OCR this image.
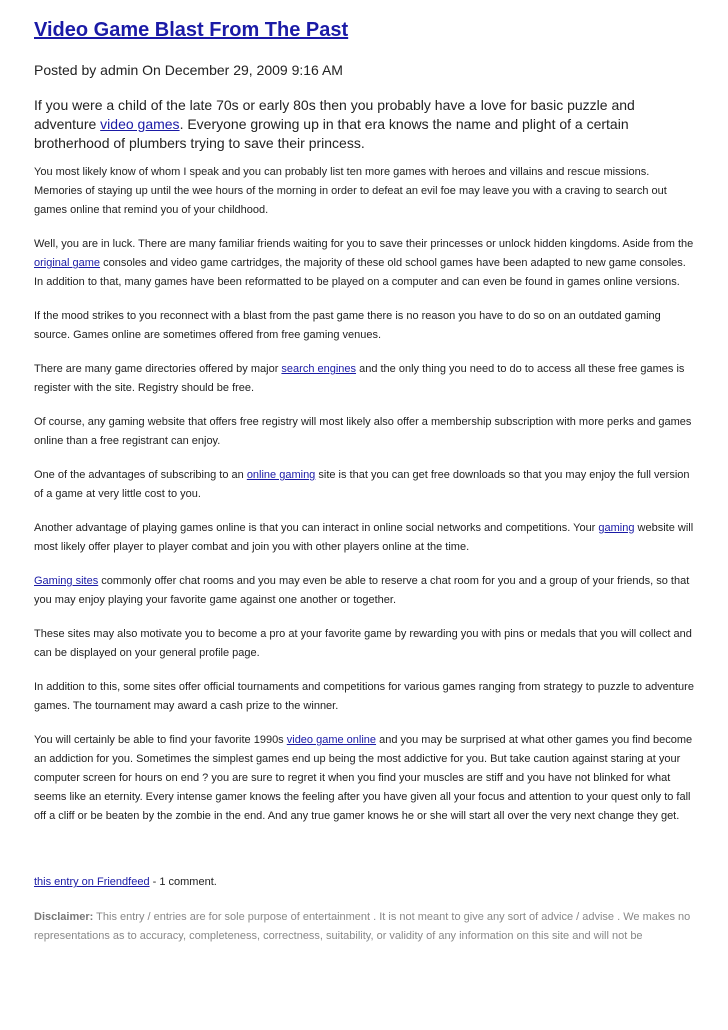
Video Game Blast From The Past
Posted by admin On December 29, 2009 9:16 AM

If you were a child of the late 70s or early 80s then you probably have a love for basic puzzle and adventure video games. Everyone growing up in that era knows the name and plight of a certain brotherhood of plumbers trying to save their princess.

You most likely know of whom I speak and you can probably list ten more games with heroes and villains and rescue missions. Memories of staying up until the wee hours of the morning in order to defeat an evil foe may leave you with a craving to search out games online that remind you of your childhood.

Well, you are in luck. There are many familiar friends waiting for you to save their princesses or unlock hidden kingdoms. Aside from the original game consoles and video game cartridges, the majority of these old school games have been adapted to new game consoles. In addition to that, many games have been reformatted to be played on a computer and can even be found in games online versions.

If the mood strikes to you reconnect with a blast from the past game there is no reason you have to do so on an outdated gaming source. Games online are sometimes offered from free gaming venues.

There are many game directories offered by major search engines and the only thing you need to do to access all these free games is register with the site. Registry should be free.

Of course, any gaming website that offers free registry will most likely also offer a membership subscription with more perks and games online than a free registrant can enjoy.

One of the advantages of subscribing to an online gaming site is that you can get free downloads so that you may enjoy the full version of a game at very little cost to you.

Another advantage of playing games online is that you can interact in online social networks and competitions. Your gaming website will most likely offer player to player combat and join you with other players online at the time.

Gaming sites commonly offer chat rooms and you may even be able to reserve a chat room for you and a group of your friends, so that you may enjoy playing your favorite game against one another or together.

These sites may also motivate you to become a pro at your favorite game by rewarding you with pins or medals that you will collect and can be displayed on your general profile page.

In addition to this, some sites offer official tournaments and competitions for various games ranging from strategy to puzzle to adventure games. The tournament may award a cash prize to the winner.

You will certainly be able to find your favorite 1990s video game online and you may be surprised at what other games you find become an addiction for you. Sometimes the simplest games end up being the most addictive for you. But take caution against staring at your computer screen for hours on end ? you are sure to regret it when you find your muscles are stiff and you have not blinked for what seems like an eternity. Every intense gamer knows the feeling after you have given all your focus and attention to your quest only to fall off a cliff or be beaten by the zombie in the end. And any true gamer knows he or she will start all over the very next change they get.

this entry on Friendfeed - 1 comment.

Disclaimer: This entry / entries are for sole purpose of entertainment . It is not meant to give any sort of advice / advise . We makes no representations as to accuracy, completeness, correctness, suitability, or validity of any information on this site and will not be
